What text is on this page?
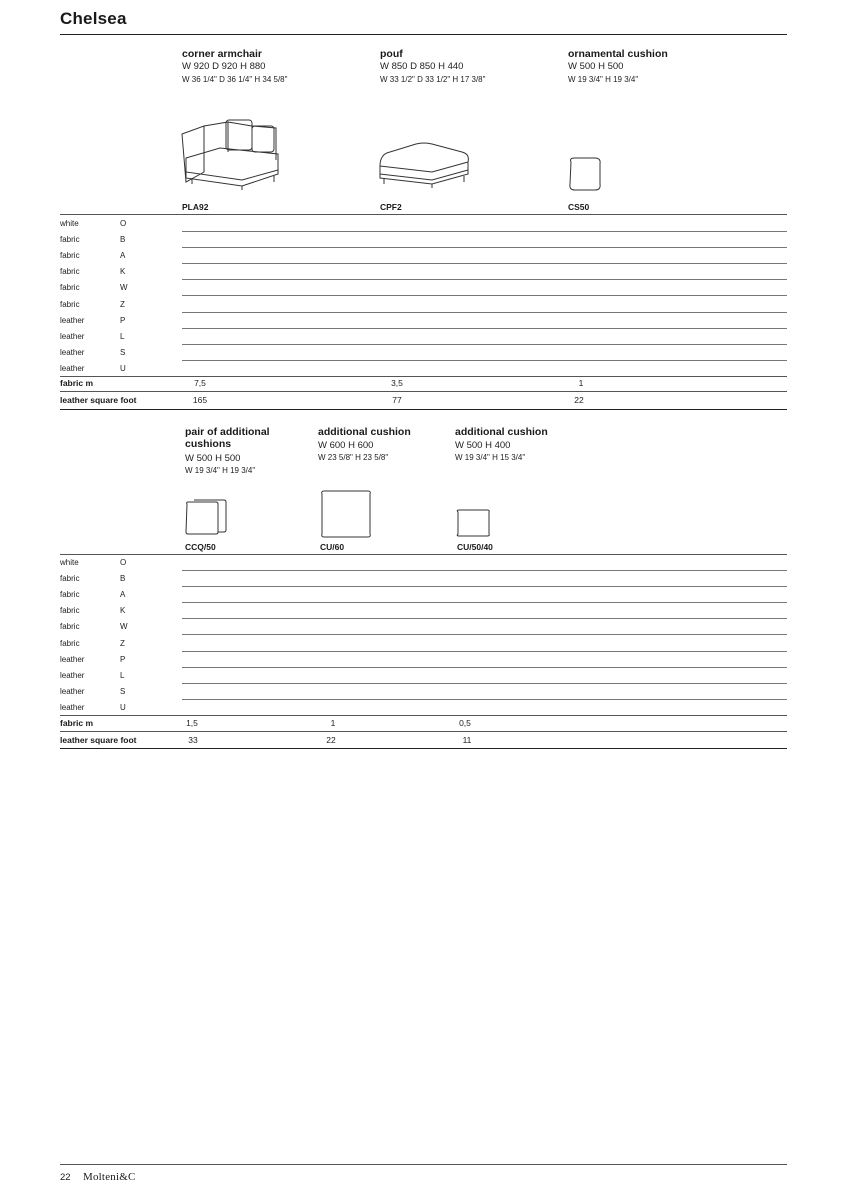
Chelsea
corner armchair
W 920 D 920 H 880
W 36 1/4" D 36 1/4" H 34 5/8"
pouf
W 850 D 850 H 440
W 33 1/2" D 33 1/2" H 17 3/8"
ornamental cushion
W 500 H 500
W 19 3/4" H 19 3/4"
PLA92	CPF2	CS50
white	O
fabric	B
fabric	A
fabric	K
fabric	W
fabric	Z
leather	P
leather	L
leather	S
leather	U
fabric m	7,5	3,5	1
leather square foot	165	77	22
pair of additional
cushions
W 500 H 500
W 19 3/4" H 19 3/4"
additional cushion
W 600 H 600
W 23 5/8" H 23 5/8"
additional cushion
W 500 H 400
W 19 3/4" H 15 3/4"
CCQ/50	CU/60	CU/50/40
white	O
fabric	B
fabric	A
fabric	K
fabric	W
fabric	Z
leather	P
leather	L
leather	S
leather	U
fabric m	1,5	1	0,5
leather square foot	33	22	11
22 Molteni&C
